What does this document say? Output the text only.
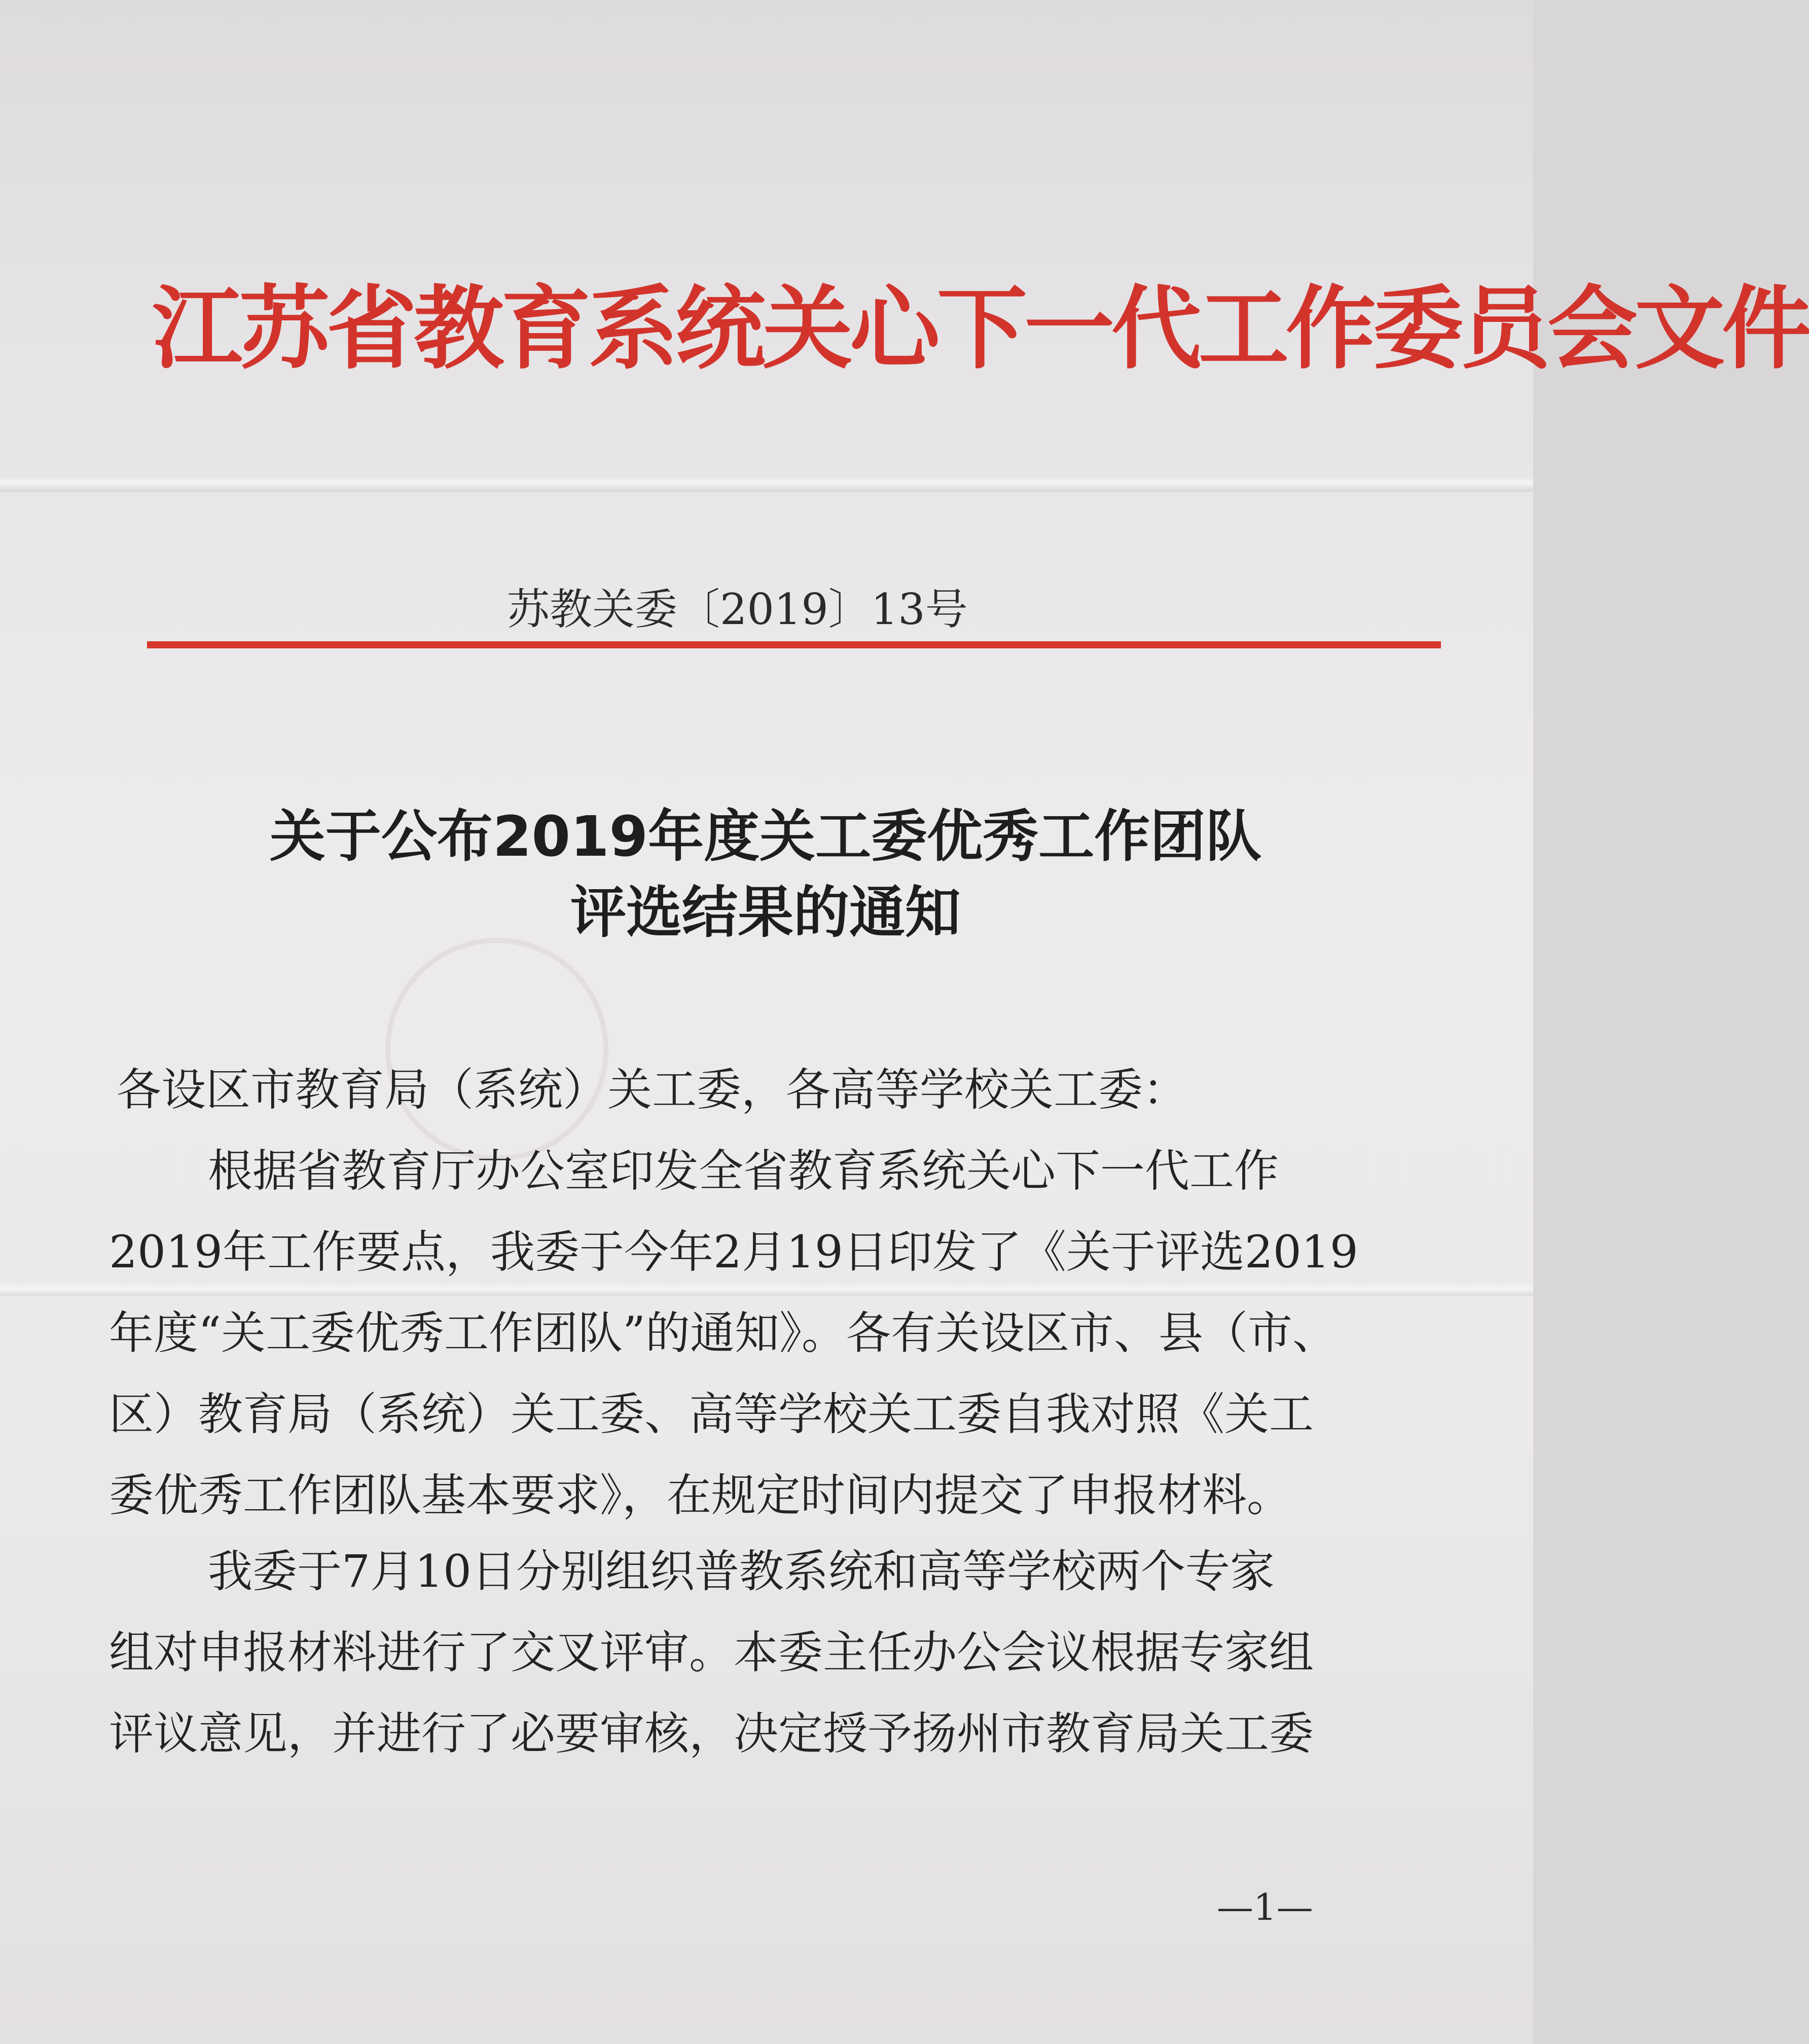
江苏省教育系统关心下一代工作委员会文件
苏教关委〔2019〕13号
关于公布2019年度关工委优秀工作团队
评选结果的通知
各设区市教育局（系统）关工委，各高等学校关工委：
根据省教育厅办公室印发全省教育系统关心下一代工作
2019年工作要点，我委于今年2月19日印发了《关于评选2019
年度“关工委优秀工作团队”的通知》。各有关设区市、县（市、
区）教育局（系统）关工委、高等学校关工委自我对照《关工
委优秀工作团队基本要求》，在规定时间内提交了申报材料。
我委于7月10日分别组织普教系统和高等学校两个专家
组对申报材料进行了交叉评审。本委主任办公会议根据专家组
评议意见，并进行了必要审核，决定授予扬州市教育局关工委
—1—
